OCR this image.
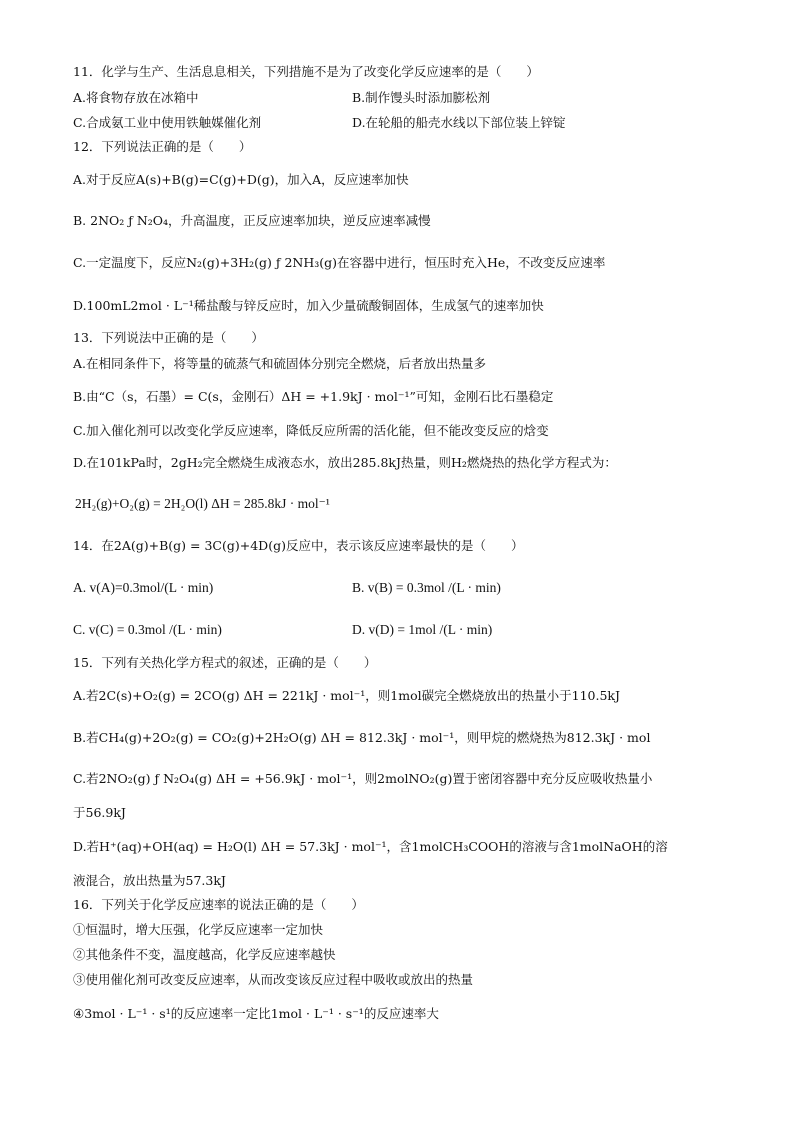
11．化学与生产、生活息息相关，下列措施不是为了改变化学反应速率的是（　　）
A.将食物存放在冰箱中	B.制作馒头时添加膨松剂
C.合成氨工业中使用铁触媒催化剂	D.在轮船的船壳水线以下部位装上锌锭
12．下列说法正确的是（　　）
A.对于反应A(s)+B(g)=C(g)+D(g)，加入A，反应速率加快
B. 2NO₂ ƒ N₂O₄，升高温度，正反应速率加块，逆反应速率减慢
C.一定温度下，反应N₂(g)+3H₂(g) ƒ 2NH₃(g)在容器中进行，恒压时充入He，不改变反应速率
D.100mL2mol · L⁻¹稀盐酸与锌反应时，加入少量硫酸铜固体，生成氢气的速率加快
13．下列说法中正确的是（　　）
A.在相同条件下，将等量的硫蒸气和硫固体分别完全燃烧，后者放出热量多
B.由“C（s，石墨）= C(s，金刚石）ΔH = +1.9kJ · mol⁻¹”可知，金刚石比石墨稳定
C.加入催化剂可以改变化学反应速率，降低反应所需的活化能，但不能改变反应的焓变
D.在101kPa时，2gH₂完全燃烧生成液态水，放出285.8kJ热量，则H₂燃烧热的热化学方程式为：
2H₂(g)+O₂(g) = 2H₂O(l) ΔH = 285.8kJ · mol⁻¹
14．在2A(g)+B(g) = 3C(g)+4D(g)反应中，表示该反应速率最快的是（　　）
A. v(A)=0.3mol/(L · min)	B. v(B) = 0.3mol /(L · min)
C. v(C) = 0.3mol /(L · min)	D. v(D) = 1mol /(L · min)
15．下列有关热化学方程式的叙述，正确的是（　　）
A.若2C(s)+O₂(g) = 2CO(g) ΔH = 221kJ · mol⁻¹，则1mol碳完全燃烧放出的热量小于110.5kJ
B.若CH₄(g)+2O₂(g) = CO₂(g)+2H₂O(g) ΔH = 812.3kJ · mol⁻¹，则甲烷的燃烧热为812.3kJ · mol
C.若2NO₂(g) ƒ N₂O₄(g) ΔH = +56.9kJ · mol⁻¹，则2molNO₂(g)置于密闭容器中充分反应吸收热量小
于56.9kJ
D.若H⁺(aq)+OH(aq) = H₂O(l) ΔH = 57.3kJ · mol⁻¹，含1molCH₃COOH的溶液与含1molNaOH的溶
液混合，放出热量为57.3kJ
16．下列关于化学反应速率的说法正确的是（　　）
①恒温时，增大压强，化学反应速率一定加快
②其他条件不变，温度越高，化学反应速率越快
③使用催化剂可改变反应速率，从而改变该反应过程中吸收或放出的热量
④3mol · L⁻¹ · s¹的反应速率一定比1mol · L⁻¹ · s⁻¹的反应速率大
